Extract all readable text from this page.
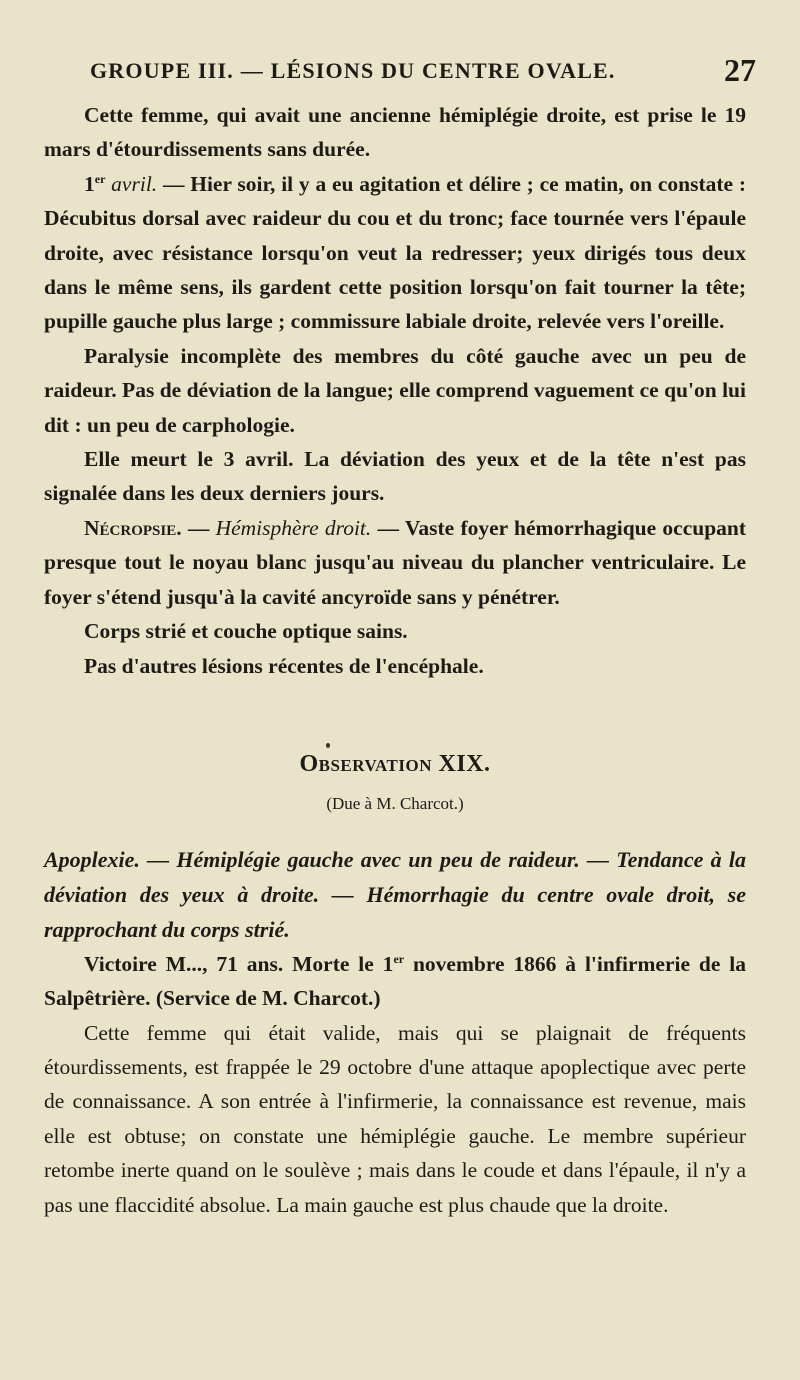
GROUPE III. — LÉSIONS DU CENTRE OVALE.	27

Cette femme, qui avait une ancienne hémiplégie droite, est prise le 19 mars d'étourdissements sans durée.

1er avril. — Hier soir, il y a eu agitation et délire ; ce matin, on constate : Décubitus dorsal avec raideur du cou et du tronc; face tournée vers l'épaule droite, avec résistance lorsqu'on veut la redresser; yeux dirigés tous deux dans le même sens, ils gardent cette position lorsqu'on fait tourner la tête; pupille gauche plus large ; commissure labiale droite, relevée vers l'oreille.

Paralysie incomplète des membres du côté gauche avec un peu de raideur. Pas de déviation de la langue; elle comprend vaguement ce qu'on lui dit : un peu de carphologie.

Elle meurt le 3 avril. La déviation des yeux et de la tête n'est pas signalée dans les deux derniers jours.

Nécropsie. — Hémisphère droit. — Vaste foyer hémorrhagique occupant presque tout le noyau blanc jusqu'au niveau du plancher ventriculaire. Le foyer s'étend jusqu'à la cavité ancyroïde sans y pénétrer.

Corps strié et couche optique sains.

Pas d'autres lésions récentes de l'encéphale.

Observation XIX.
(Due à M. Charcot.)
Apoplexie. — Hémiplégie gauche avec un peu de raideur. — Tendance à la déviation des yeux à droite. — Hémorrhagie du centre ovale droit, se rapprochant du corps strié.

Victoire M..., 71 ans. Morte le 1er novembre 1866 à l'infirmerie de la Salpêtrière. (Service de M. Charcot.)

Cette femme qui était valide, mais qui se plaignait de fréquents étourdissements, est frappée le 29 octobre d'une attaque apoplectique avec perte de connaissance. A son entrée à l'infirmerie, la connaissance est revenue, mais elle est obtuse; on constate une hémiplégie gauche. Le membre supérieur retombe inerte quand on le soulève ; mais dans le coude et dans l'épaule, il n'y a pas une flaccidité absolue. La main gauche est plus chaude que la droite.
